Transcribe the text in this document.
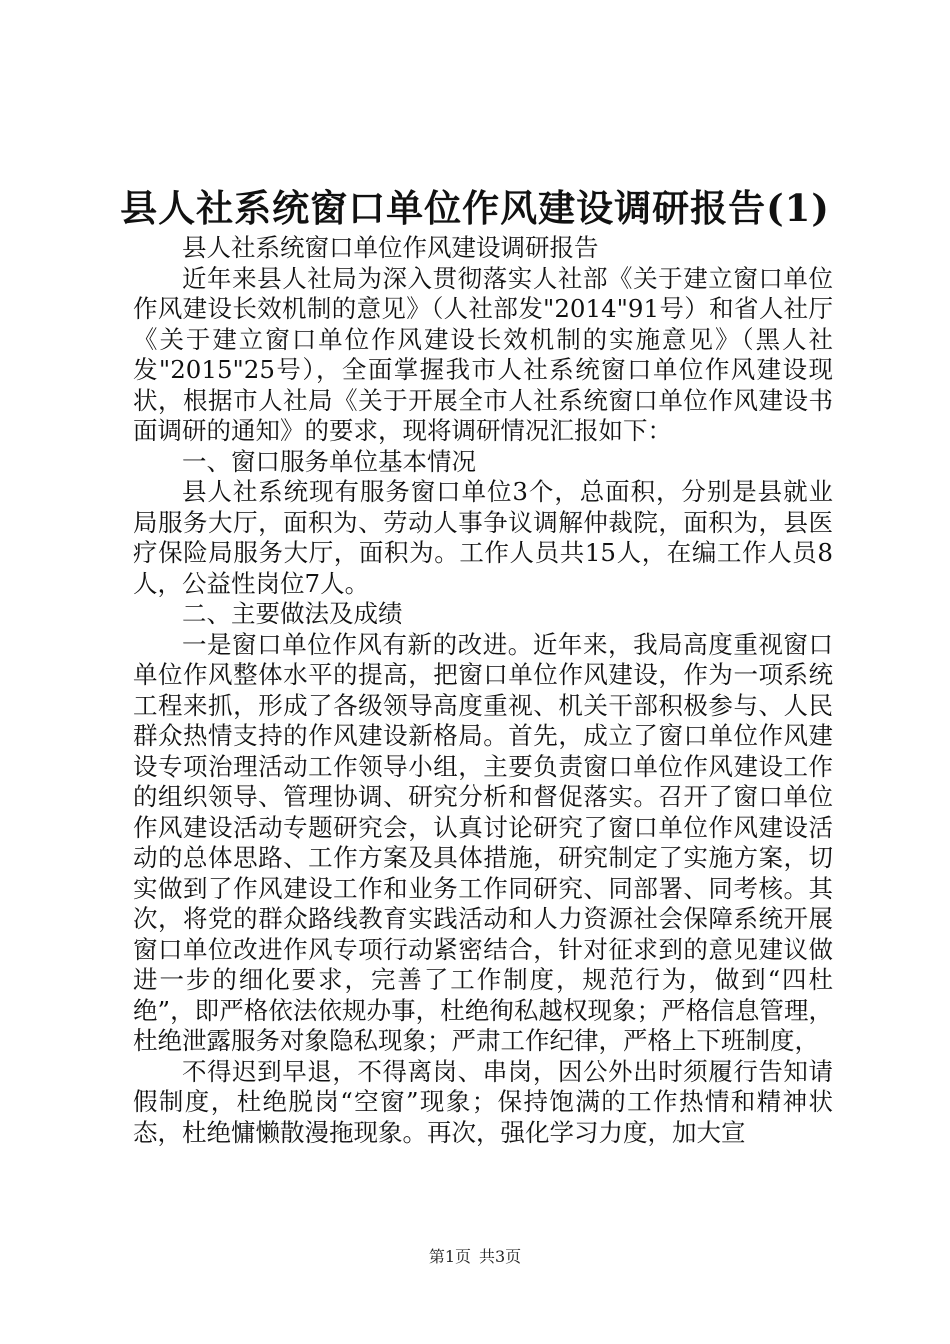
县人社系统窗口单位作风建设调研报告(1)

县人社系统窗口单位作风建设调研报告

近年来县人社局为深入贯彻落实人社部《关于建立窗口单位作风建设长效机制的意见》（人社部发"2014"91号）和省人社厅《关于建立窗口单位作风建设长效机制的实施意见》（黑人社发"2015"25号），全面掌握我市人社系统窗口单位作风建设现状，根据市人社局《关于开展全市人社系统窗口单位作风建设书面调研的通知》的要求，现将调研情况汇报如下：

一、窗口服务单位基本情况

县人社系统现有服务窗口单位3个，总面积，分别是县就业局服务大厅，面积为、劳动人事争议调解仲裁院，面积为，县医疗保险局服务大厅，面积为。工作人员共15人，在编工作人员8人，公益性岗位7人。

二、主要做法及成绩

一是窗口单位作风有新的改进。近年来，我局高度重视窗口单位作风整体水平的提高，把窗口单位作风建设，作为一项系统工程来抓，形成了各级领导高度重视、机关干部积极参与、人民群众热情支持的作风建设新格局。首先，成立了窗口单位作风建设专项治理活动工作领导小组，主要负责窗口单位作风建设工作的组织领导、管理协调、研究分析和督促落实。召开了窗口单位作风建设活动专题研究会，认真讨论研究了窗口单位作风建设活动的总体思路、工作方案及具体措施，研究制定了实施方案，切实做到了作风建设工作和业务工作同研究、同部署、同考核。其次，将党的群众路线教育实践活动和人力资源社会保障系统开展窗口单位改进作风专项行动紧密结合，针对征求到的意见建议做进一步的细化要求，完善了工作制度，规范行为，做到“四杜绝”，即严格依法依规办事，杜绝徇私越权现象；严格信息管理，杜绝泄露服务对象隐私现象；严肃工作纪律，严格上下班制度，

不得迟到早退，不得离岗、串岗，因公外出时须履行告知请假制度，杜绝脱岗“空窗”现象；保持饱满的工作热情和精神状态，杜绝慵懒散漫拖现象。再次，强化学习力度，加大宣

第1页 共3页
